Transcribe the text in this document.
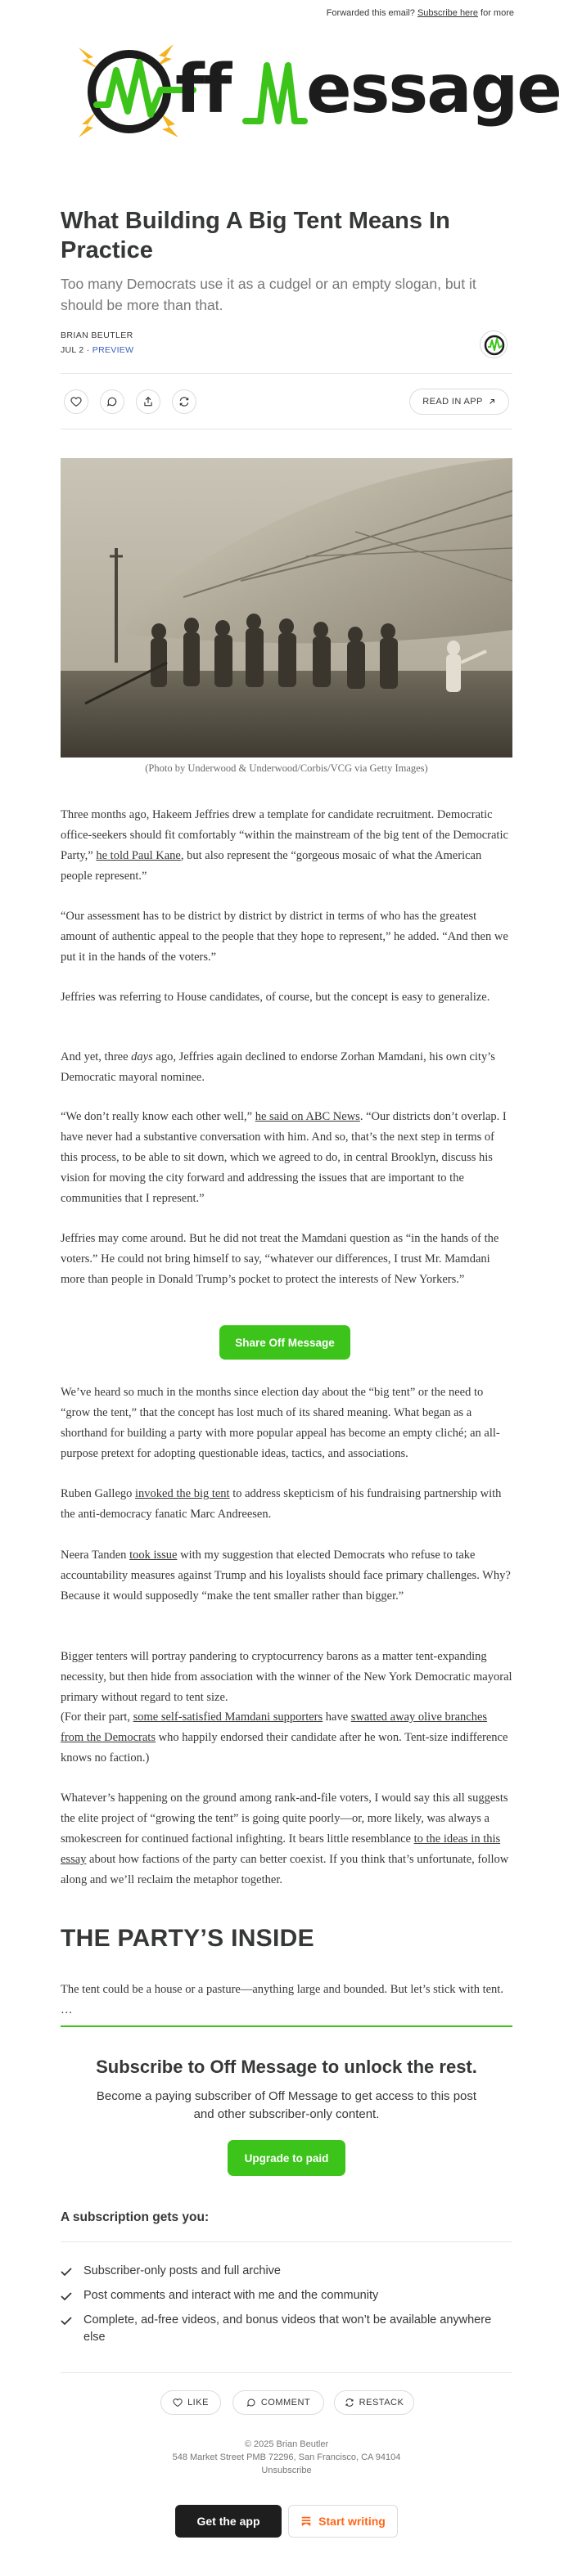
Forwarded this email? Subscribe here for more
ff essage
What Building A Big Tent Means In Practice

Too many Democrats use it as a cudgel or an empty slogan, but it should be more than that.

BRIAN BEUTLER
JUL 2 · PREVIEW
READ IN APP
(Photo by Underwood & Underwood/Corbis/VCG via Getty Images)

Three months ago, Hakeem Jeffries drew a template for candidate recruitment. Democratic office-seekers should fit comfortably “within the mainstream of the big tent of the Democratic Party,” he told Paul Kane, but also represent the “gorgeous mosaic of what the American people represent.”

“Our assessment has to be district by district by district in terms of who has the greatest amount of authentic appeal to the people that they hope to represent,” he added. “And then we put it in the hands of the voters.”

Jeffries was referring to House candidates, of course, but the concept is easy to generalize.

And yet, three days ago, Jeffries again declined to endorse Zorhan Mamdani, his own city’s Democratic mayoral nominee.

“We don’t really know each other well,” he said on ABC News. “Our districts don’t overlap. I have never had a substantive conversation with him. And so, that’s the next step in terms of this process, to be able to sit down, which we agreed to do, in central Brooklyn, discuss his vision for moving the city forward and addressing the issues that are important to the communities that I represent.”

Jeffries may come around. But he did not treat the Mamdani question as “in the hands of the voters.” He could not bring himself to say, “whatever our differences, I trust Mr. Mamdani more than people in Donald Trump’s pocket to protect the interests of New Yorkers.”

Share Off Message

We’ve heard so much in the months since election day about the “big tent” or the need to “grow the tent,” that the concept has lost much of its shared meaning. What began as a shorthand for building a party with more popular appeal has become an empty cliché; an all-purpose pretext for adopting questionable ideas, tactics, and associations.

Ruben Gallego invoked the big tent to address skepticism of his fundraising partnership with the anti-democracy fanatic Marc Andreesen.

Neera Tanden took issue with my suggestion that elected Democrats who refuse to take accountability measures against Trump and his loyalists should face primary challenges. Why? Because it would supposedly “make the tent smaller rather than bigger.”

Bigger tenters will portray pandering to cryptocurrency barons as a matter tent-expanding necessity, but then hide from association with the winner of the New York Democratic mayoral primary without regard to tent size.

(For their part, some self-satisfied Mamdani supporters have swatted away olive branches from the Democrats who happily endorsed their candidate after he won. Tent-size indifference knows no faction.)

Whatever’s happening on the ground among rank-and-file voters, I would say this all suggests the elite project of “growing the tent” is going quite poorly—or, more likely, was always a smokescreen for continued factional infighting. It bears little resemblance to the ideas in this essay about how factions of the party can better coexist. If you think that’s unfortunate, follow along and we’ll reclaim the metaphor together.

THE PARTY’S INSIDE

The tent could be a house or a pasture—anything large and bounded. But let’s stick with tent. …

Subscribe to Off Message to unlock the rest.
Become a paying subscriber of Off Message to get access to this post and other subscriber-only content.
Upgrade to paid
A subscription gets you:
Subscriber-only posts and full archive
Post comments and interact with me and the community
Complete, ad-free videos, and bonus videos that won’t be available anywhere else
LIKE	COMMENT	RESTACK
© 2025 Brian Beutler
548 Market Street PMB 72296, San Francisco, CA 94104
Unsubscribe
Get the app	Start writing
